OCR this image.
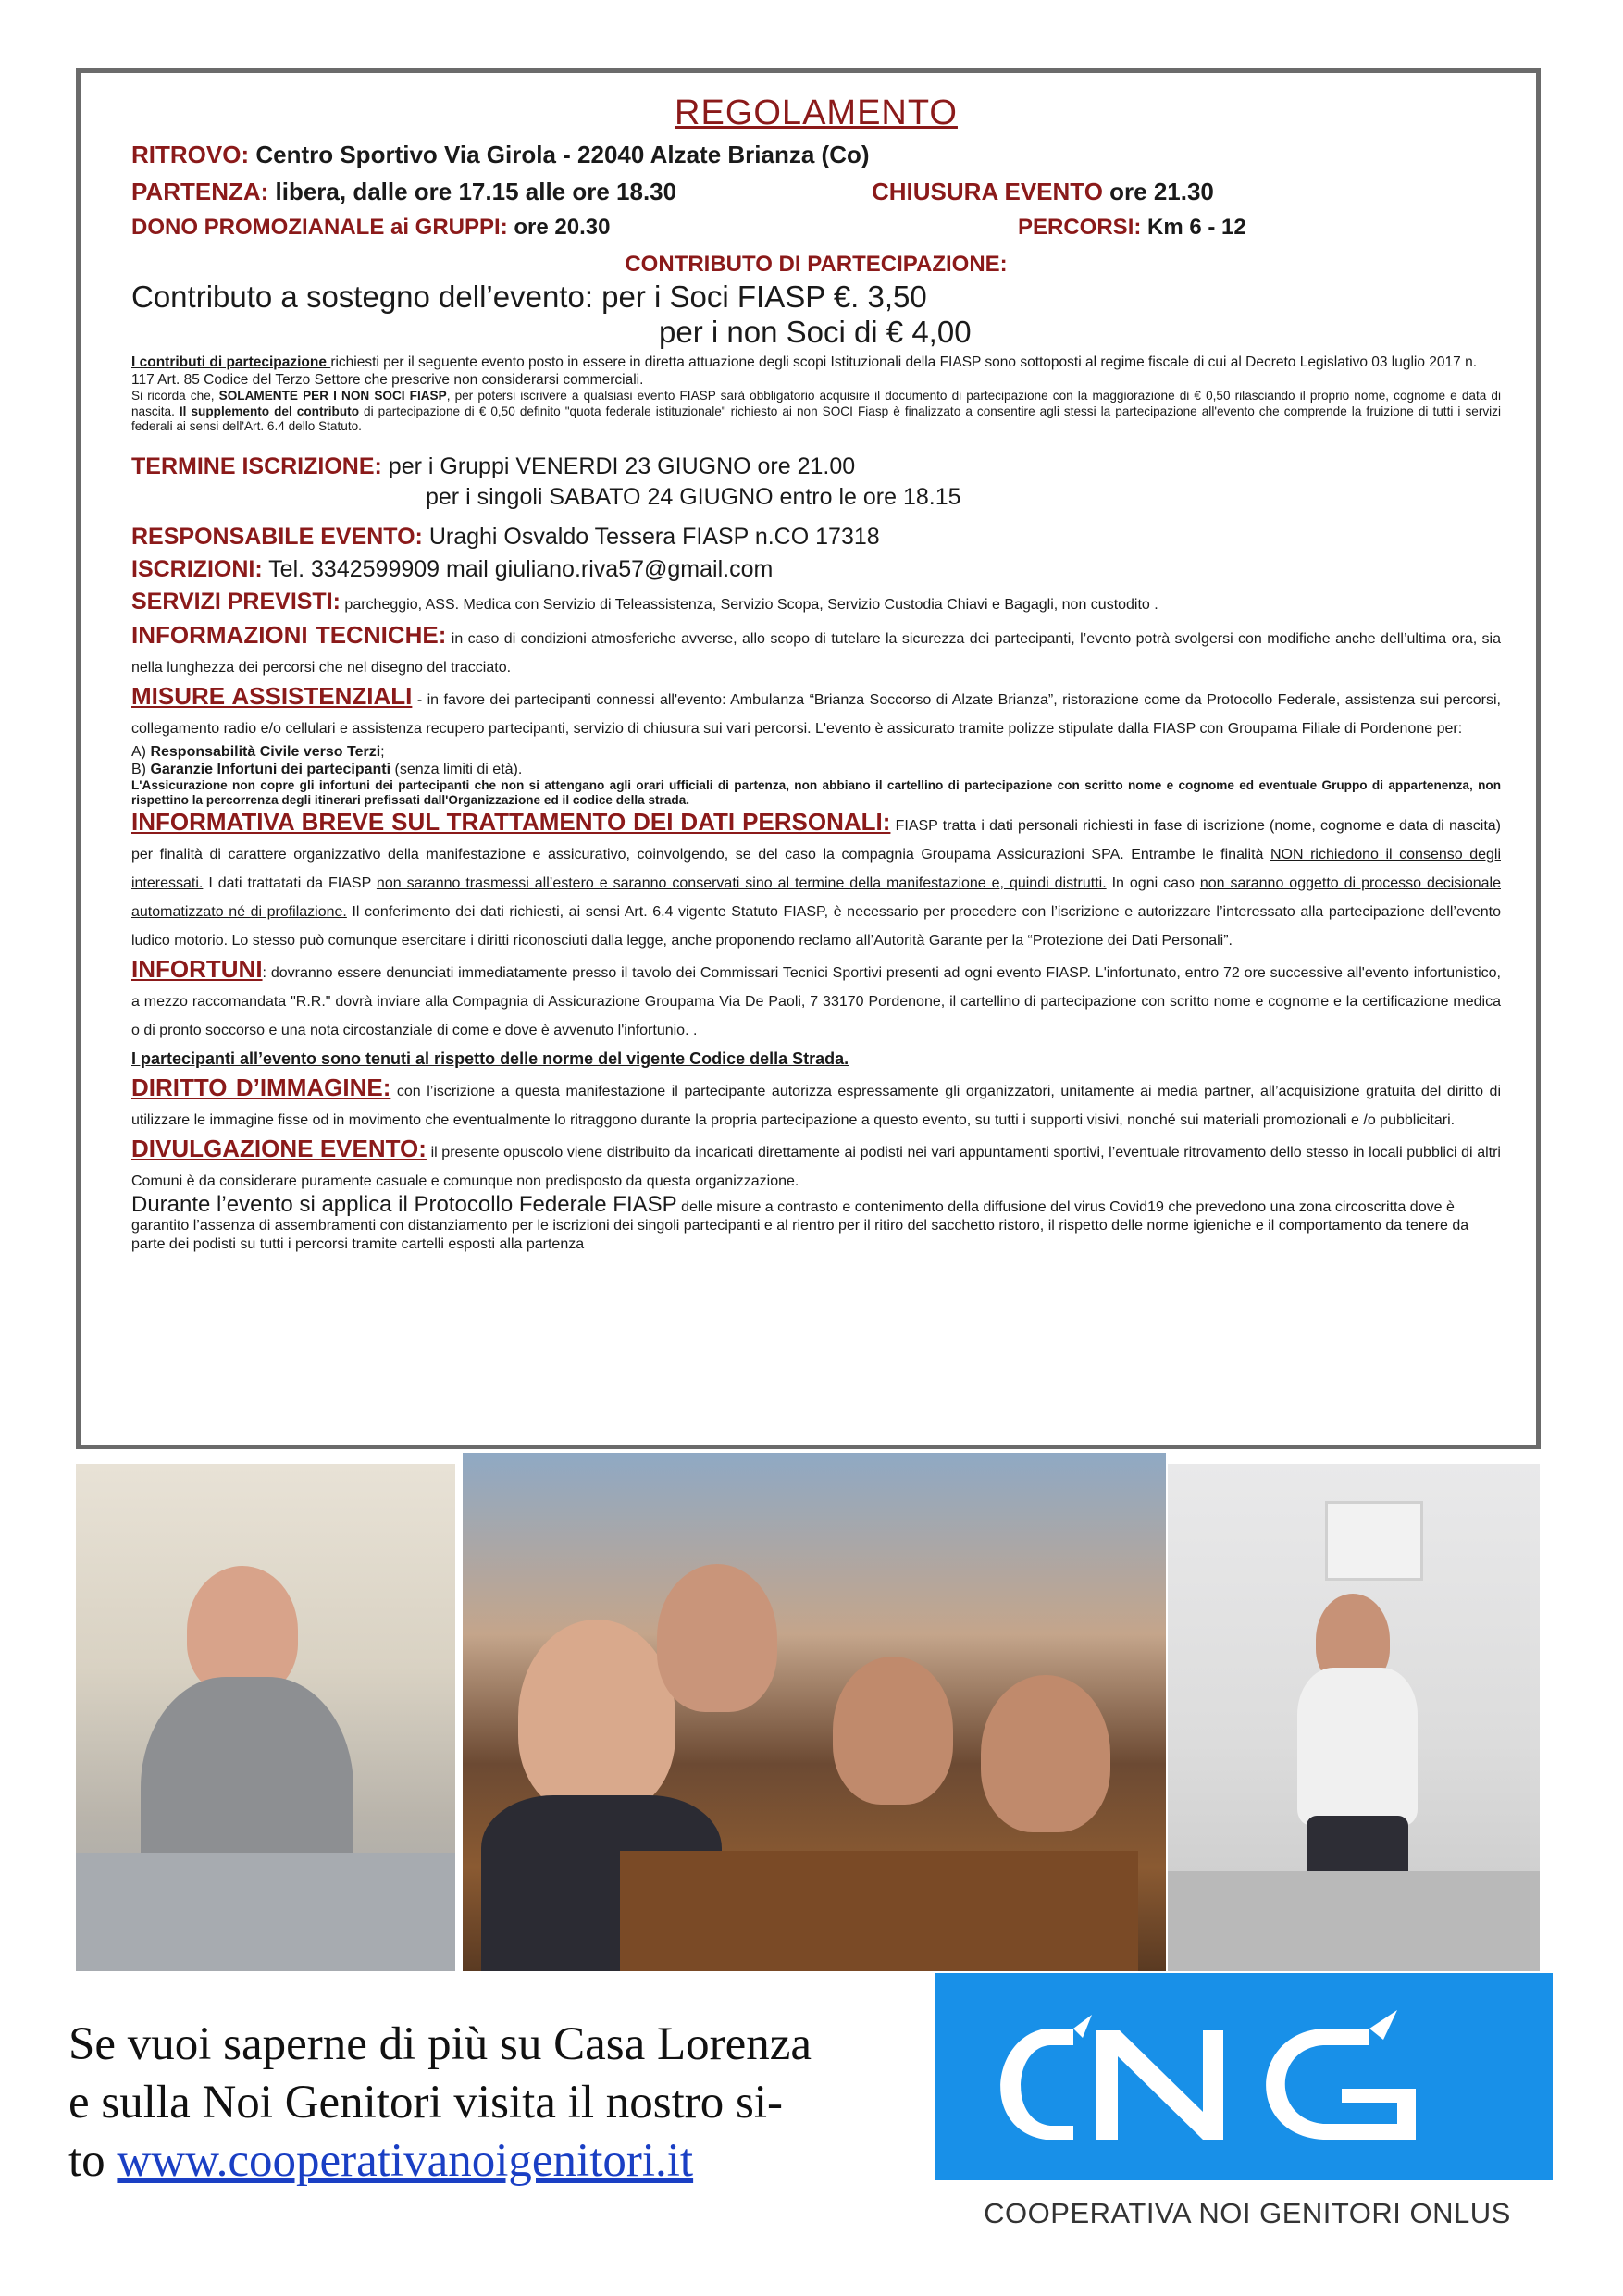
REGOLAMENTO
RITROVO: Centro Sportivo Via Girola - 22040 Alzate Brianza (Co)
PARTENZA: libera, dalle ore 17.15 alle ore 18.30	CHIUSURA EVENTO ore 21.30
DONO PROMOZIANALE ai GRUPPI: ore 20.30	PERCORSI: Km 6 - 12
CONTRIBUTO DI PARTECIPAZIONE:
Contributo a sostegno dell’evento: per i Soci FIASP €. 3,50
per i non Soci di € 4,00

I contributi di partecipazione richiesti per il seguente evento posto in essere in diretta attuazione degli scopi Istituzionali della FIASP sono sottoposti al regime fiscale di cui al Decreto Legislativo 03 luglio 2017 n. 117 Art. 85 Codice del Terzo Settore che prescrive non considerarsi commerciali.

Si ricorda che, SOLAMENTE PER I NON SOCI FIASP, per potersi iscrivere a qualsiasi evento FIASP sarà obbligatorio acquisire il documento di partecipazione con la maggiorazione di € 0,50 rilasciando il proprio nome, cognome e data di nascita. Il supplemento del contributo di partecipazione di € 0,50 definito "quota federale istituzionale" richiesto ai non SOCI Fiasp è finalizzato a consentire agli stessi la partecipazione all'evento che comprende la fruizione di tutti i servizi federali ai sensi dell'Art. 6.4 dello Statuto.

TERMINE ISCRIZIONE: per i Gruppi VENERDI 23 GIUGNO ore 21.00
per i singoli SABATO 24 GIUGNO entro le ore 18.15
RESPONSABILE EVENTO: Uraghi Osvaldo Tessera FIASP n.CO 17318
ISCRIZIONI: Tel. 3342599909 mail giuliano.riva57@gmail.com
SERVIZI PREVISTI: parcheggio, ASS. Medica con Servizio di Teleassistenza, Servizio Scopa, Servizio Custodia Chiavi e Bagagli, non custodito .

INFORMAZIONI TECNICHE: in caso di condizioni atmosferiche avverse, allo scopo di tutelare la sicurezza dei partecipanti, l’evento potrà svolgersi con modifiche anche dell’ultima ora, sia nella lunghezza dei percorsi che nel disegno del tracciato.

MISURE ASSISTENZIALI - in favore dei partecipanti connessi all'evento: Ambulanza “Brianza Soccorso di Alzate Brianza”, ristorazione come da Protocollo Federale, assistenza sui percorsi, collegamento radio e/o cellulari e assistenza recupero partecipanti, servizio di chiusura sui vari percorsi. L'evento è assicurato tramite polizze stipulate dalla FIASP con Groupama Filiale di Pordenone per:

A) Responsabilità Civile verso Terzi;

B) Garanzie Infortuni dei partecipanti (senza limiti di età).

L'Assicurazione non copre gli infortuni dei partecipanti che non si attengano agli orari ufficiali di partenza, non abbiano il cartellino di partecipazione con scritto nome e cognome ed eventuale Gruppo di appartenenza, non rispettino la percorrenza degli itinerari prefissati dall'Organizzazione ed il codice della strada.

INFORMATIVA BREVE SUL TRATTAMENTO DEI DATI PERSONALI: FIASP tratta i dati personali richiesti in fase di iscrizione (nome, cognome e data di nascita) per finalità di carattere organizzativo della manifestazione e assicurativo, coinvolgendo, se del caso la compagnia Groupama Assicurazioni SPA. Entrambe le finalità NON richiedono il consenso degli interessati. I dati trattatati da FIASP non saranno trasmessi all’estero e saranno conservati sino al termine della manifestazione e, quindi distrutti. In ogni caso non saranno oggetto di processo decisionale automatizzato né di profilazione. Il conferimento dei dati richiesti, ai sensi Art. 6.4 vigente Statuto FIASP, è necessario per procedere con l’iscrizione e autorizzare l’interessato alla partecipazione dell’evento ludico motorio. Lo stesso può comunque esercitare i diritti riconosciuti dalla legge, anche proponendo reclamo all’Autorità Garante per la “Protezione dei Dati Personali”.

INFORTUNI: dovranno essere denunciati immediatamente presso il tavolo dei Commissari Tecnici Sportivi presenti ad ogni evento FIASP. L'infortunato, entro 72 ore successive all'evento infortunistico, a mezzo raccomandata "R.R." dovrà inviare alla Compagnia di Assicurazione Groupama Via De Paoli, 7 33170 Pordenone, il cartellino di partecipazione con scritto nome e cognome e la certificazione medica o di pronto soccorso e una nota circostanziale di come e dove è avvenuto l'infortunio. .

I partecipanti all’evento sono tenuti al rispetto delle norme del vigente Codice della Strada.

DIRITTO D’IMMAGINE: con l’iscrizione a questa manifestazione il partecipante autorizza espressamente gli organizzatori, unitamente ai media partner, all’acquisizione gratuita del diritto di utilizzare le immagine fisse od in movimento che eventualmente lo ritraggono durante la propria partecipazione a questo evento, su tutti i supporti visivi, nonché sui materiali promozionali e /o pubblicitari.

DIVULGAZIONE EVENTO: il presente opuscolo viene distribuito da incaricati direttamente ai podisti nei vari appuntamenti sportivi, l’eventuale ritrovamento dello stesso in locali pubblici di altri Comuni è da considerare puramente casuale e comunque non predisposto da questa organizzazione.

Durante l’evento si applica il Protocollo Federale FIASP delle misure a contrasto e contenimento della diffusione del virus Covid19 che prevedono una zona circoscritta dove è garantito l’assenza di assembramenti con distanziamento per le iscrizioni dei singoli partecipanti e al rientro per il ritiro del sacchetto ristoro, il rispetto delle norme igieniche e il comportamento da tenere da parte dei podisti su tutti i percorsi tramite cartelli esposti alla partenza

Se vuoi saperne di più su Casa Lorenza
e sulla Noi Genitori visita il nostro si-
to www.cooperativanoigenitori.it
COOPERATIVA NOI GENITORI ONLUS
